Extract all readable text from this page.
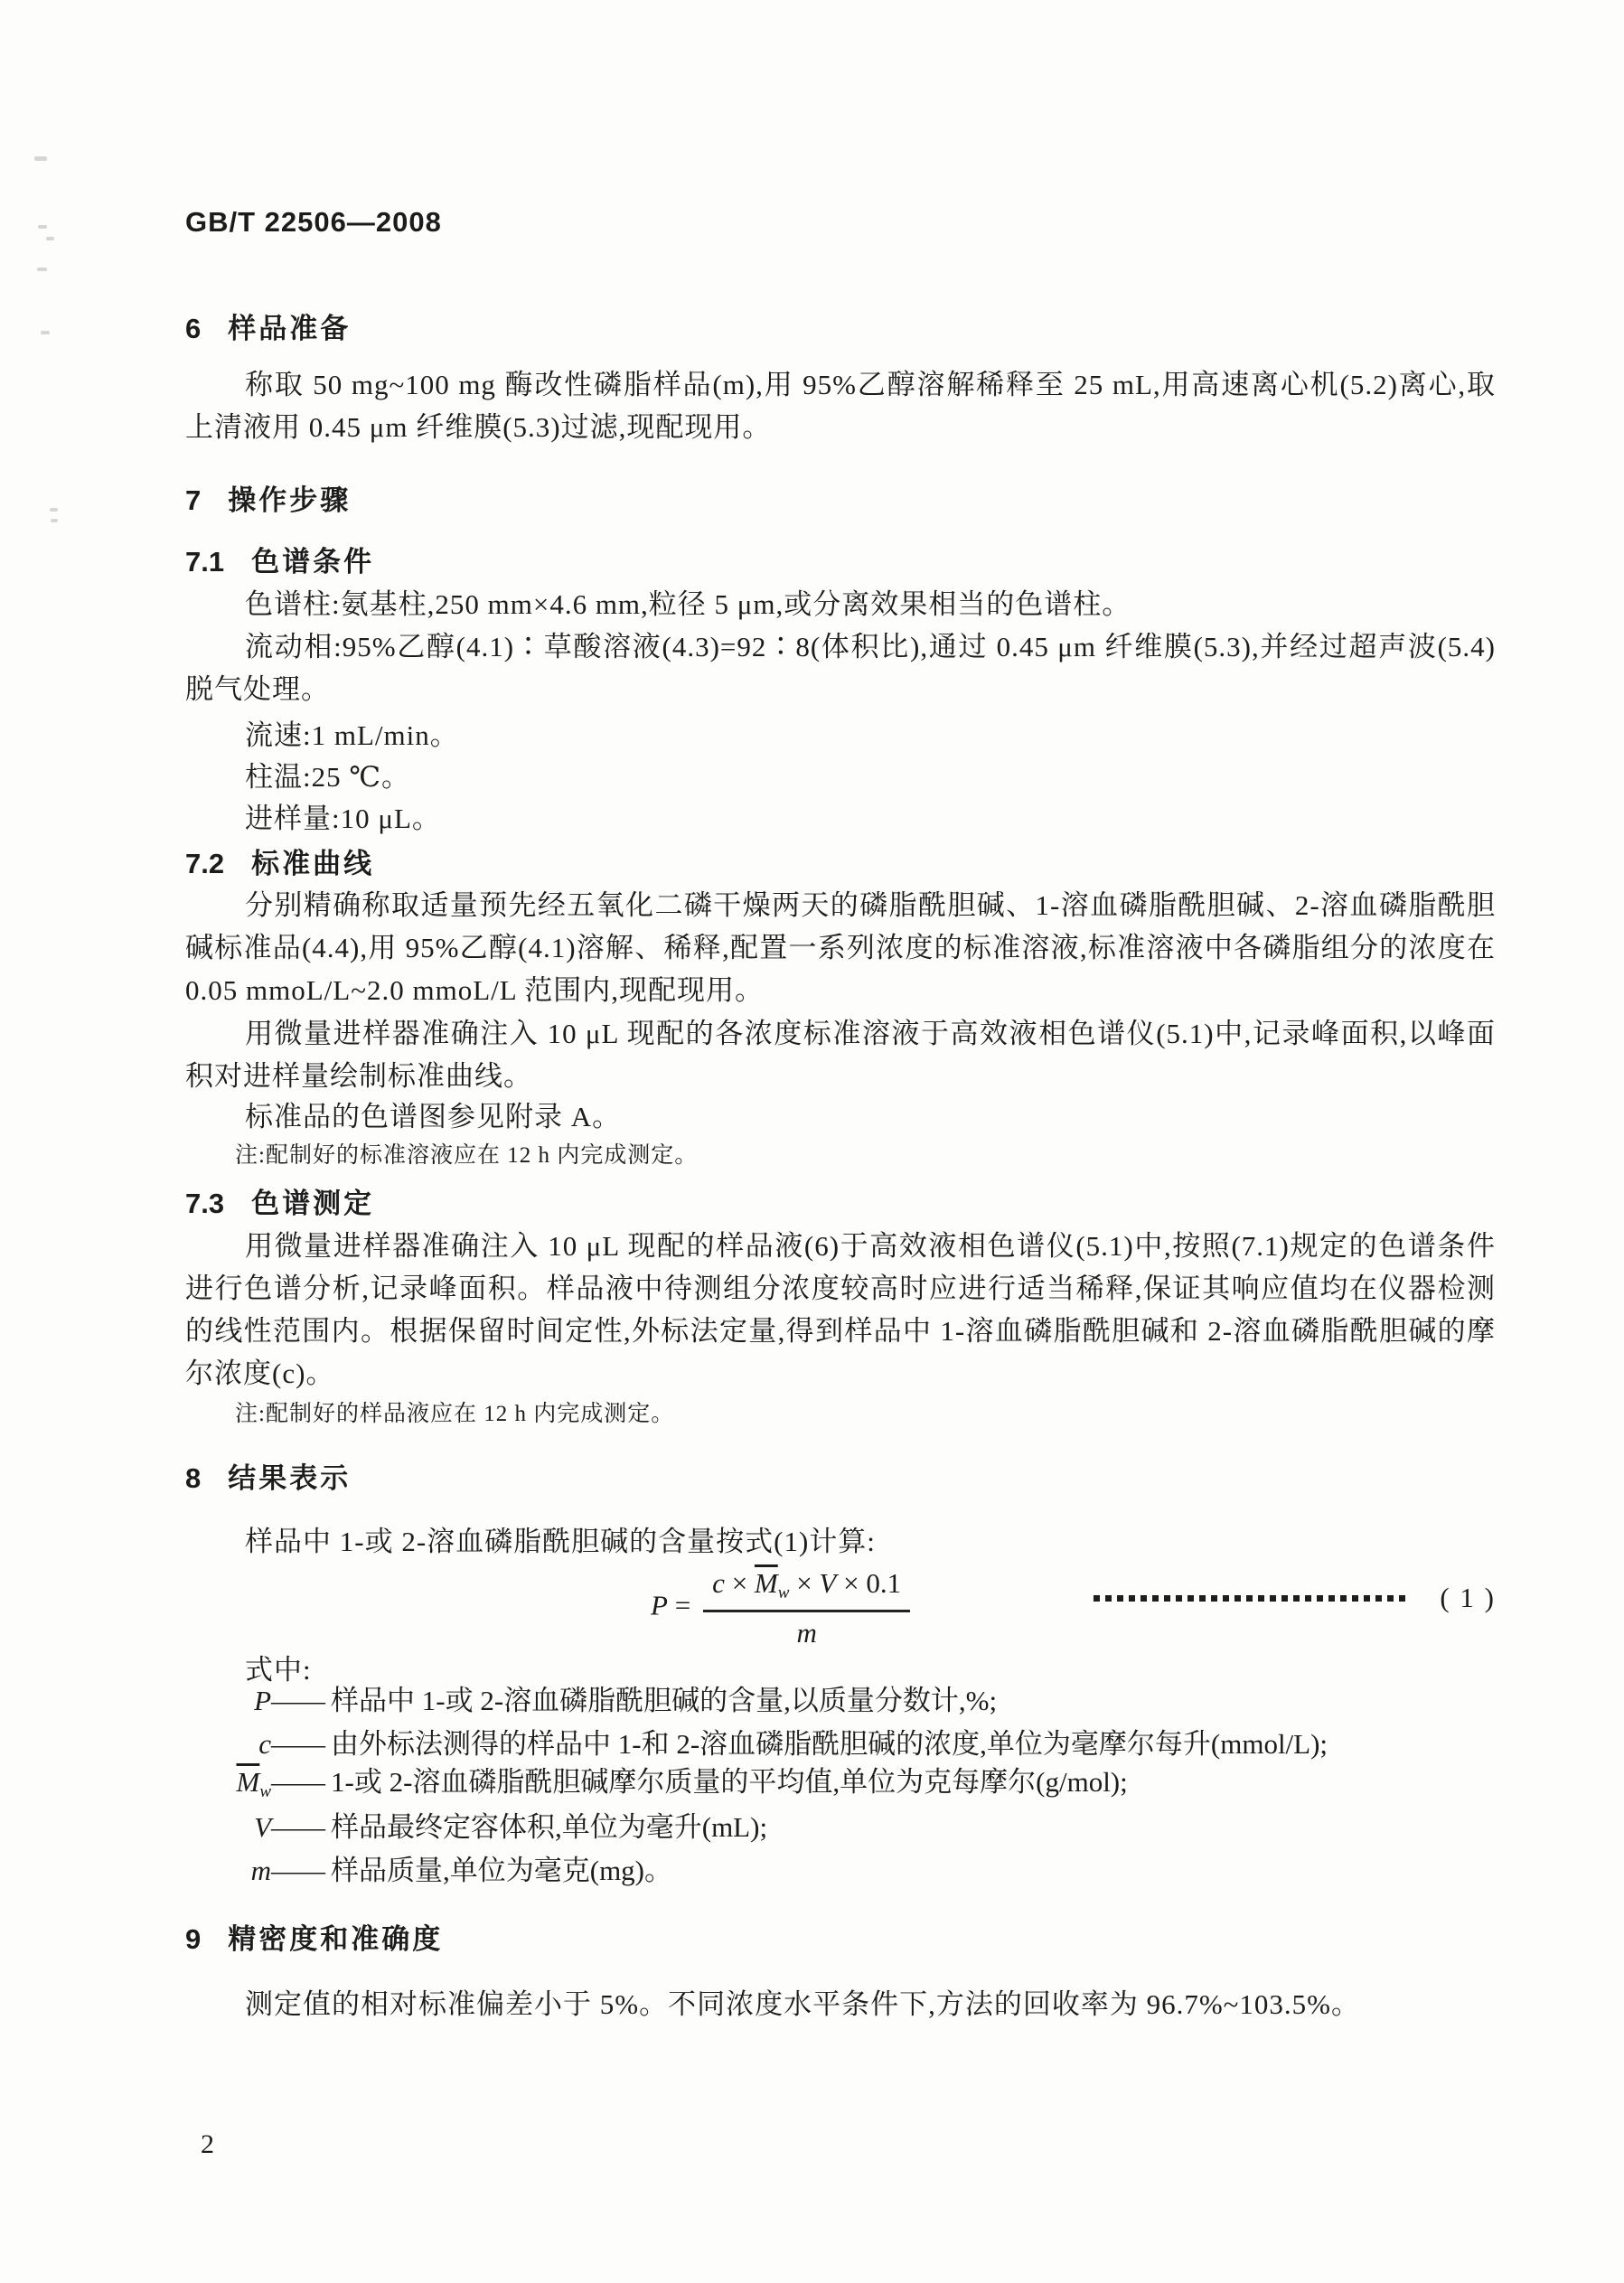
GB/T 22506—2008
6 样品准备

称取 50 mg~100 mg 酶改性磷脂样品(m),用 95%乙醇溶解稀释至 25 mL,用高速离心机(5.2)离心,取上清液用 0.45 μm 纤维膜(5.3)过滤,现配现用。

7 操作步骤
7.1 色谱条件

色谱柱:氨基柱,250 mm×4.6 mm,粒径 5 μm,或分离效果相当的色谱柱。

流动相:95%乙醇(4.1)∶草酸溶液(4.3)=92∶8(体积比),通过 0.45 μm 纤维膜(5.3),并经过超声波(5.4)脱气处理。

流速:1 mL/min。

柱温:25 ℃。

进样量:10 μL。

7.2 标准曲线

分别精确称取适量预先经五氧化二磷干燥两天的磷脂酰胆碱、1-溶血磷脂酰胆碱、2-溶血磷脂酰胆碱标准品(4.4),用 95%乙醇(4.1)溶解、稀释,配置一系列浓度的标准溶液,标准溶液中各磷脂组分的浓度在 0.05 mmoL/L~2.0 mmoL/L 范围内,现配现用。

用微量进样器准确注入 10 μL 现配的各浓度标准溶液于高效液相色谱仪(5.1)中,记录峰面积,以峰面积对进样量绘制标准曲线。

标准品的色谱图参见附录 A。

注:配制好的标准溶液应在 12 h 内完成测定。

7.3 色谱测定

用微量进样器准确注入 10 μL 现配的样品液(6)于高效液相色谱仪(5.1)中,按照(7.1)规定的色谱条件进行色谱分析,记录峰面积。样品液中待测组分浓度较高时应进行适当稀释,保证其响应值均在仪器检测的线性范围内。根据保留时间定性,外标法定量,得到样品中 1-溶血磷脂酰胆碱和 2-溶血磷脂酰胆碱的摩尔浓度(c)。

注:配制好的样品液应在 12 h 内完成测定。

8 结果表示

样品中 1-或 2-溶血磷脂酰胆碱的含量按式(1)计算:

$P = \frac{c \times \overline{M}_w \times V \times 0.1}{m}$	( 1 )

式中:

P—— 样品中 1-或 2-溶血磷脂酰胆碱的含量,以质量分数计,%;
c—— 由外标法测得的样品中 1-和 2-溶血磷脂酰胆碱的浓度,单位为毫摩尔每升(mmol/L);
$\overline{M}_w——$ 1-或 2-溶血磷脂酰胆碱摩尔质量的平均值,单位为克每摩尔(g/mol);
V—— 样品最终定容体积,单位为毫升(mL);
m—— 样品质量,单位为毫克(mg)。
9 精密度和准确度

测定值的相对标准偏差小于 5%。不同浓度水平条件下,方法的回收率为 96.7%~103.5%。

2
